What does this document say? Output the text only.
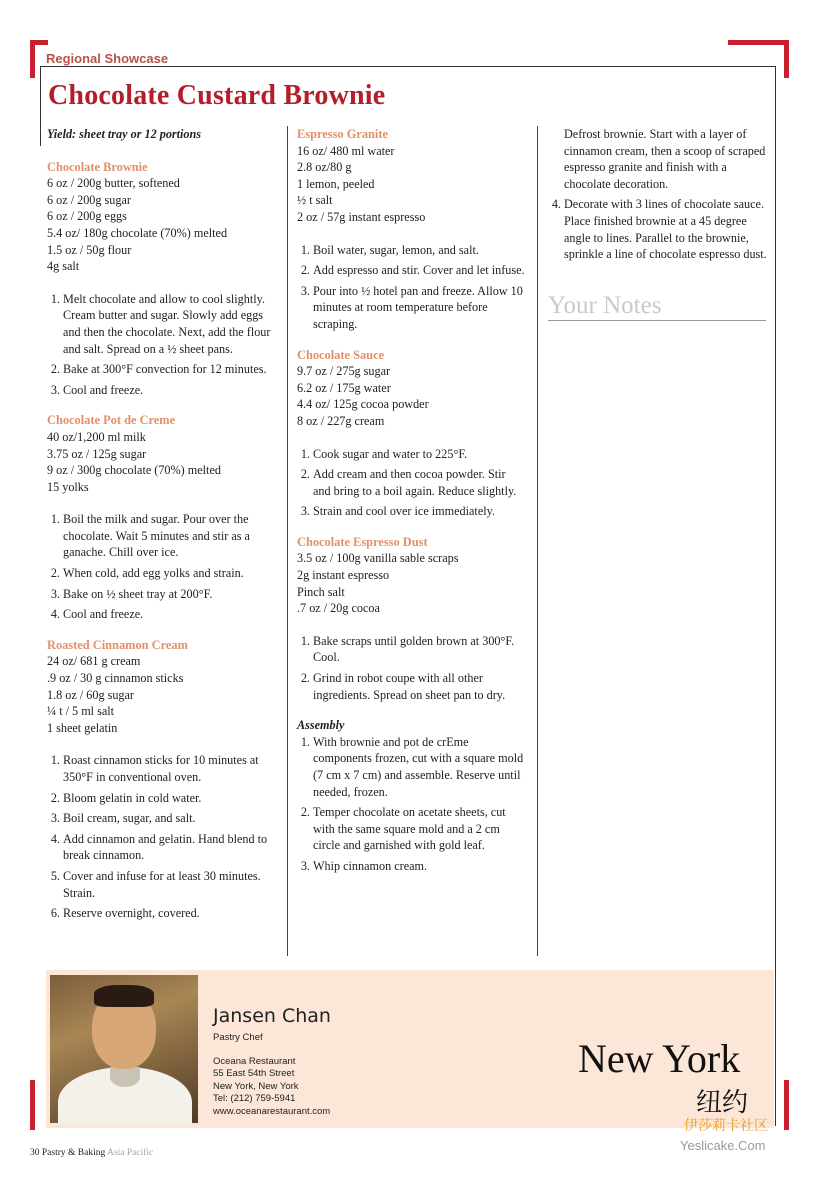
Regional Showcase
Chocolate Custard Brownie

Yield: sheet tray or 12 portions

Chocolate Brownie

6 oz / 200g butter, softened

6 oz / 200g sugar

6 oz / 200g eggs

5.4 oz/ 180g chocolate (70%) melted

1.5 oz / 50g flour

4g salt

1. Melt chocolate and allow to cool slightly. Cream butter and sugar. Slowly add eggs and then the chocolate. Next, add the flour and salt. Spread on a ½ sheet pans.
2. Bake at 300°F convection for 12 minutes.
3. Cool and freeze.

Chocolate Pot de Creme

40 oz/1,200 ml milk

3.75 oz / 125g sugar

9 oz / 300g chocolate (70%) melted

15 yolks

1. Boil the milk and sugar. Pour over the chocolate. Wait 5 minutes and stir as a ganache. Chill over ice.
2. When cold, add egg yolks and strain.
3. Bake on ½ sheet tray at 200°F.
4. Cool and freeze.

Roasted Cinnamon Cream

24 oz/ 681 g cream

.9 oz / 30 g cinnamon sticks

1.8 oz / 60g sugar

¼ t / 5 ml salt

1 sheet gelatin

1. Roast cinnamon sticks for 10 minutes at 350°F in conventional oven.
2. Bloom gelatin in cold water.
3. Boil cream, sugar, and salt.
4. Add cinnamon and gelatin. Hand blend to break cinnamon.
5. Cover and infuse for at least 30 minutes. Strain.
6. Reserve overnight, covered.

Espresso Granite

16 oz/ 480 ml water

2.8 oz/80 g

1 lemon, peeled

½ t salt

2 oz / 57g instant espresso

1. Boil water, sugar, lemon, and salt.
2. Add espresso and stir. Cover and let infuse.
3. Pour into ½ hotel pan and freeze. Allow 10 minutes at room temperature before scraping.

Chocolate Sauce

9.7 oz / 275g sugar

6.2 oz / 175g water

4.4 oz/ 125g cocoa powder

8 oz / 227g cream

1. Cook sugar and water to 225°F.
2. Add cream and then cocoa powder. Stir and bring to a boil again. Reduce slightly.
3. Strain and cool over ice immediately.

Chocolate Espresso Dust

3.5 oz / 100g vanilla sable scraps

2g instant espresso

Pinch salt

.7 oz / 20g cocoa

1. Bake scraps until golden brown at 300°F. Cool.
2. Grind in robot coupe with all other ingredients. Spread on sheet pan to dry.

Assembly

1. With brownie and pot de crEme components frozen, cut with a square mold (7 cm x 7 cm) and assemble. Reserve until needed, frozen.
2. Temper chocolate on acetate sheets, cut with the same square mold and a 2 cm circle and garnished with gold leaf.
3. Whip cinnamon cream.

Defrost brownie. Start with a layer of cinnamon cream, then a scoop of scraped espresso granite and finish with a chocolate decoration.

4. Decorate with 3 lines of chocolate sauce. Place finished brownie at a 45 degree angle to lines. Parallel to the brownie, sprinkle a line of chocolate espresso dust.
Your Notes
Jansen Chan
Pastry Chef
Oceana Restaurant
55 East 54th Street
New York, New York
Tel: (212) 759-5941
www.oceanarestaurant.com
New York
纽约
伊莎莉卡社区
Yeslicake.Com
30 Pastry & Baking Asia Pacific
